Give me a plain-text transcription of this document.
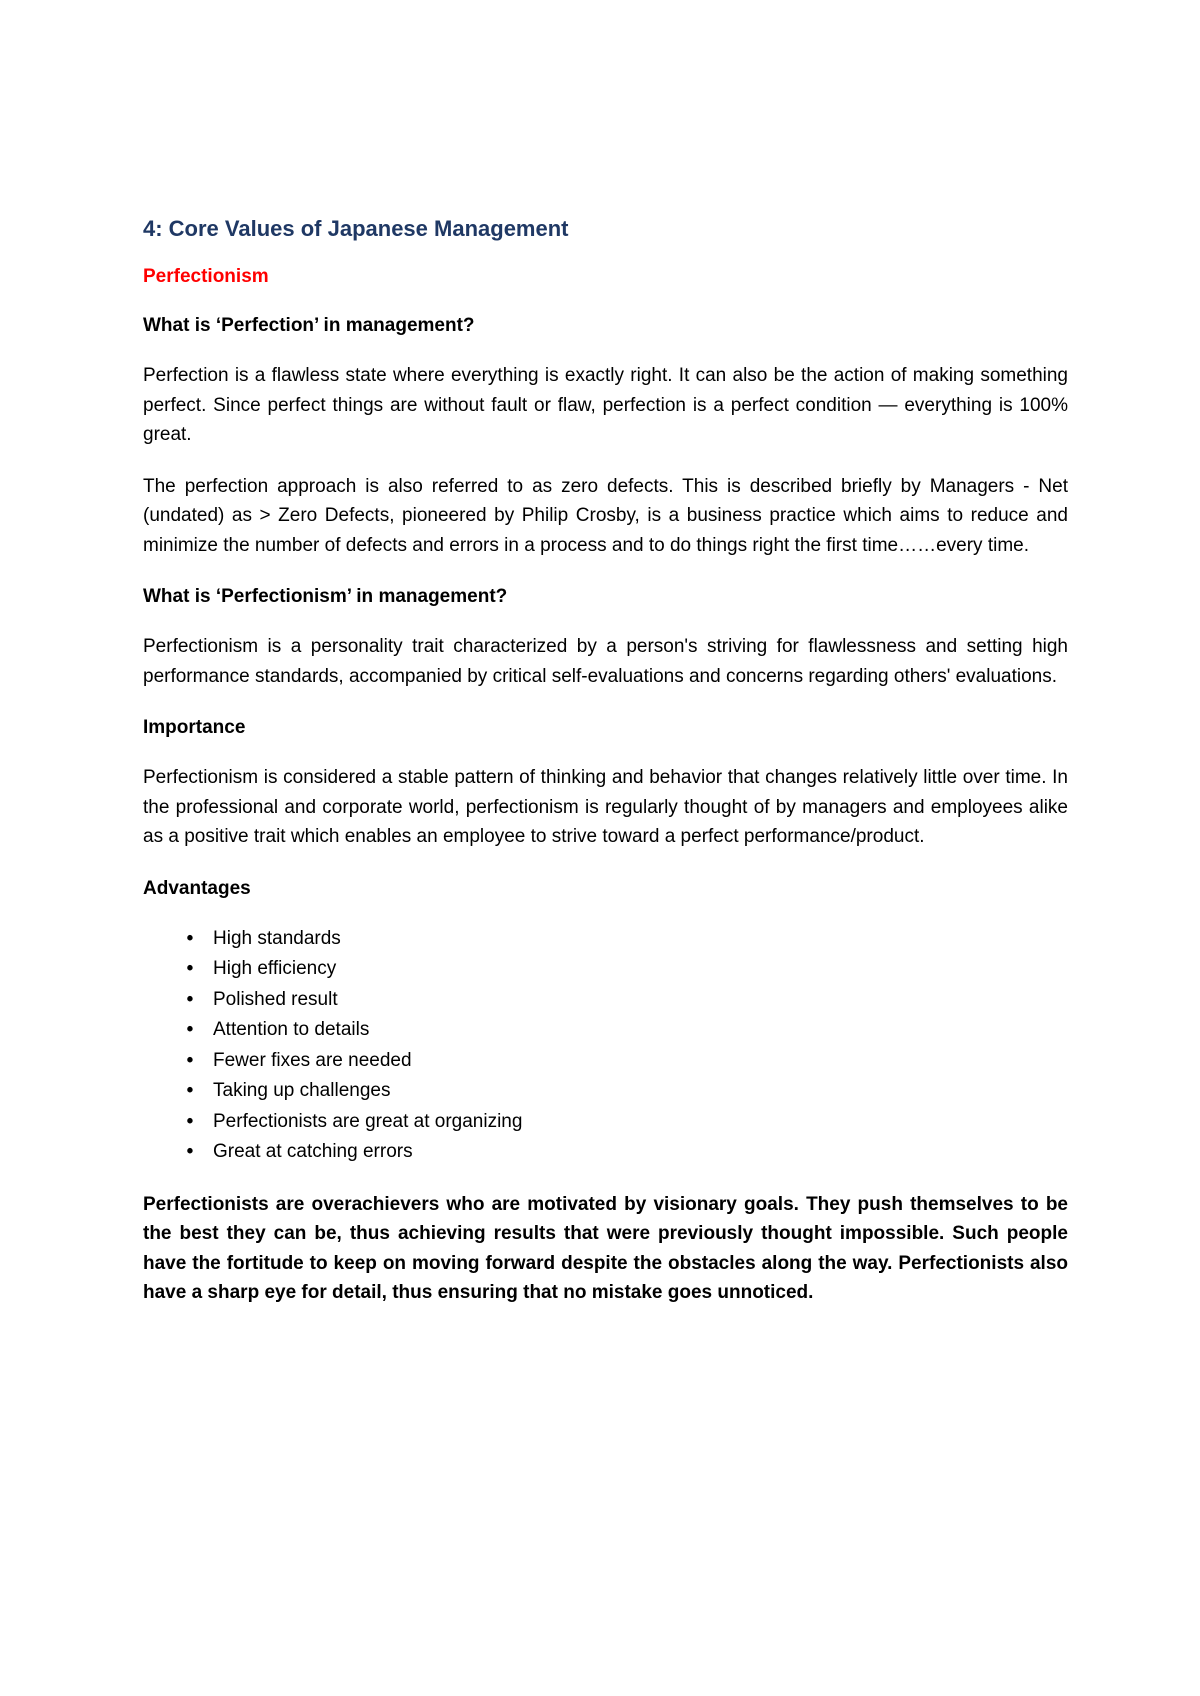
4: Core Values of Japanese Management
Perfectionism
What is ‘Perfection’ in management?

Perfection is a flawless state where everything is exactly right. It can also be the action of making something perfect. Since perfect things are without fault or flaw, perfection is a perfect condition — everything is 100% great.

The perfection approach is also referred to as zero defects. This is described briefly by Managers - Net (undated) as > Zero Defects, pioneered by Philip Crosby, is a business practice which aims to reduce and minimize the number of defects and errors in a process and to do things right the first time……every time.

What is ‘Perfectionism’ in management?

Perfectionism is a personality trait characterized by a person's striving for flawlessness and setting high performance standards, accompanied by critical self-evaluations and concerns regarding others' evaluations.

Importance

Perfectionism is considered a stable pattern of thinking and behavior that changes relatively little over time. In the professional and corporate world, perfectionism is regularly thought of by managers and employees alike as a positive trait which enables an employee to strive toward a perfect performance/product.

Advantages
• High standards
• High efficiency
• Polished result
• Attention to details
• Fewer fixes are needed
• Taking up challenges
• Perfectionists are great at organizing
• Great at catching errors

Perfectionists are overachievers who are motivated by visionary goals. They push themselves to be the best they can be, thus achieving results that were previously thought impossible. Such people have the fortitude to keep on moving forward despite the obstacles along the way. Perfectionists also have a sharp eye for detail, thus ensuring that no mistake goes unnoticed.
